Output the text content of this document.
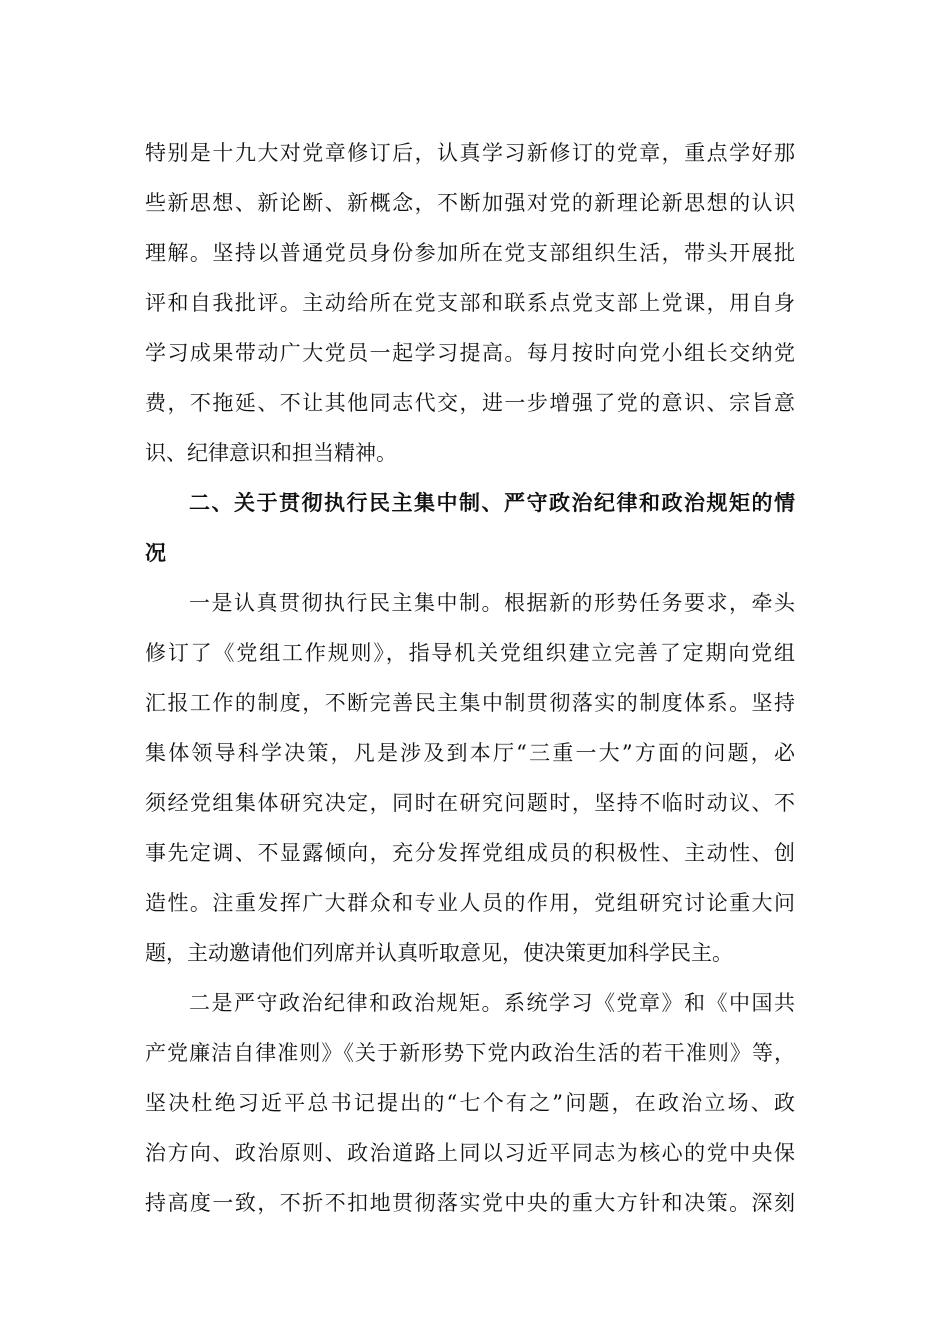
特别是十九大对党章修订后，认真学习新修订的党章，重点学好那
些新思想、新论断、新概念，不断加强对党的新理论新思想的认识
理解。坚持以普通党员身份参加所在党支部组织生活，带头开展批
评和自我批评。主动给所在党支部和联系点党支部上党课，用自身
学习成果带动广大党员一起学习提高。每月按时向党小组长交纳党
费，不拖延、不让其他同志代交，进一步增强了党的意识、宗旨意
识、纪律意识和担当精神。
二、关于贯彻执行民主集中制、严守政治纪律和政治规矩的情
况
一是认真贯彻执行民主集中制。根据新的形势任务要求，牵头
修订了《党组工作规则》，指导机关党组织建立完善了定期向党组
汇报工作的制度，不断完善民主集中制贯彻落实的制度体系。坚持
集体领导科学决策，凡是涉及到本厅“三重一大”方面的问题，必
须经党组集体研究决定，同时在研究问题时，坚持不临时动议、不
事先定调、不显露倾向，充分发挥党组成员的积极性、主动性、创
造性。注重发挥广大群众和专业人员的作用，党组研究讨论重大问
题，主动邀请他们列席并认真听取意见，使决策更加科学民主。
二是严守政治纪律和政治规矩。系统学习《党章》和《中国共
产党廉洁自律准则》《关于新形势下党内政治生活的若干准则》等，
坚决杜绝习近平总书记提出的“七个有之”问题，在政治立场、政
治方向、政治原则、政治道路上同以习近平同志为核心的党中央保
持高度一致，不折不扣地贯彻落实党中央的重大方针和决策。深刻
